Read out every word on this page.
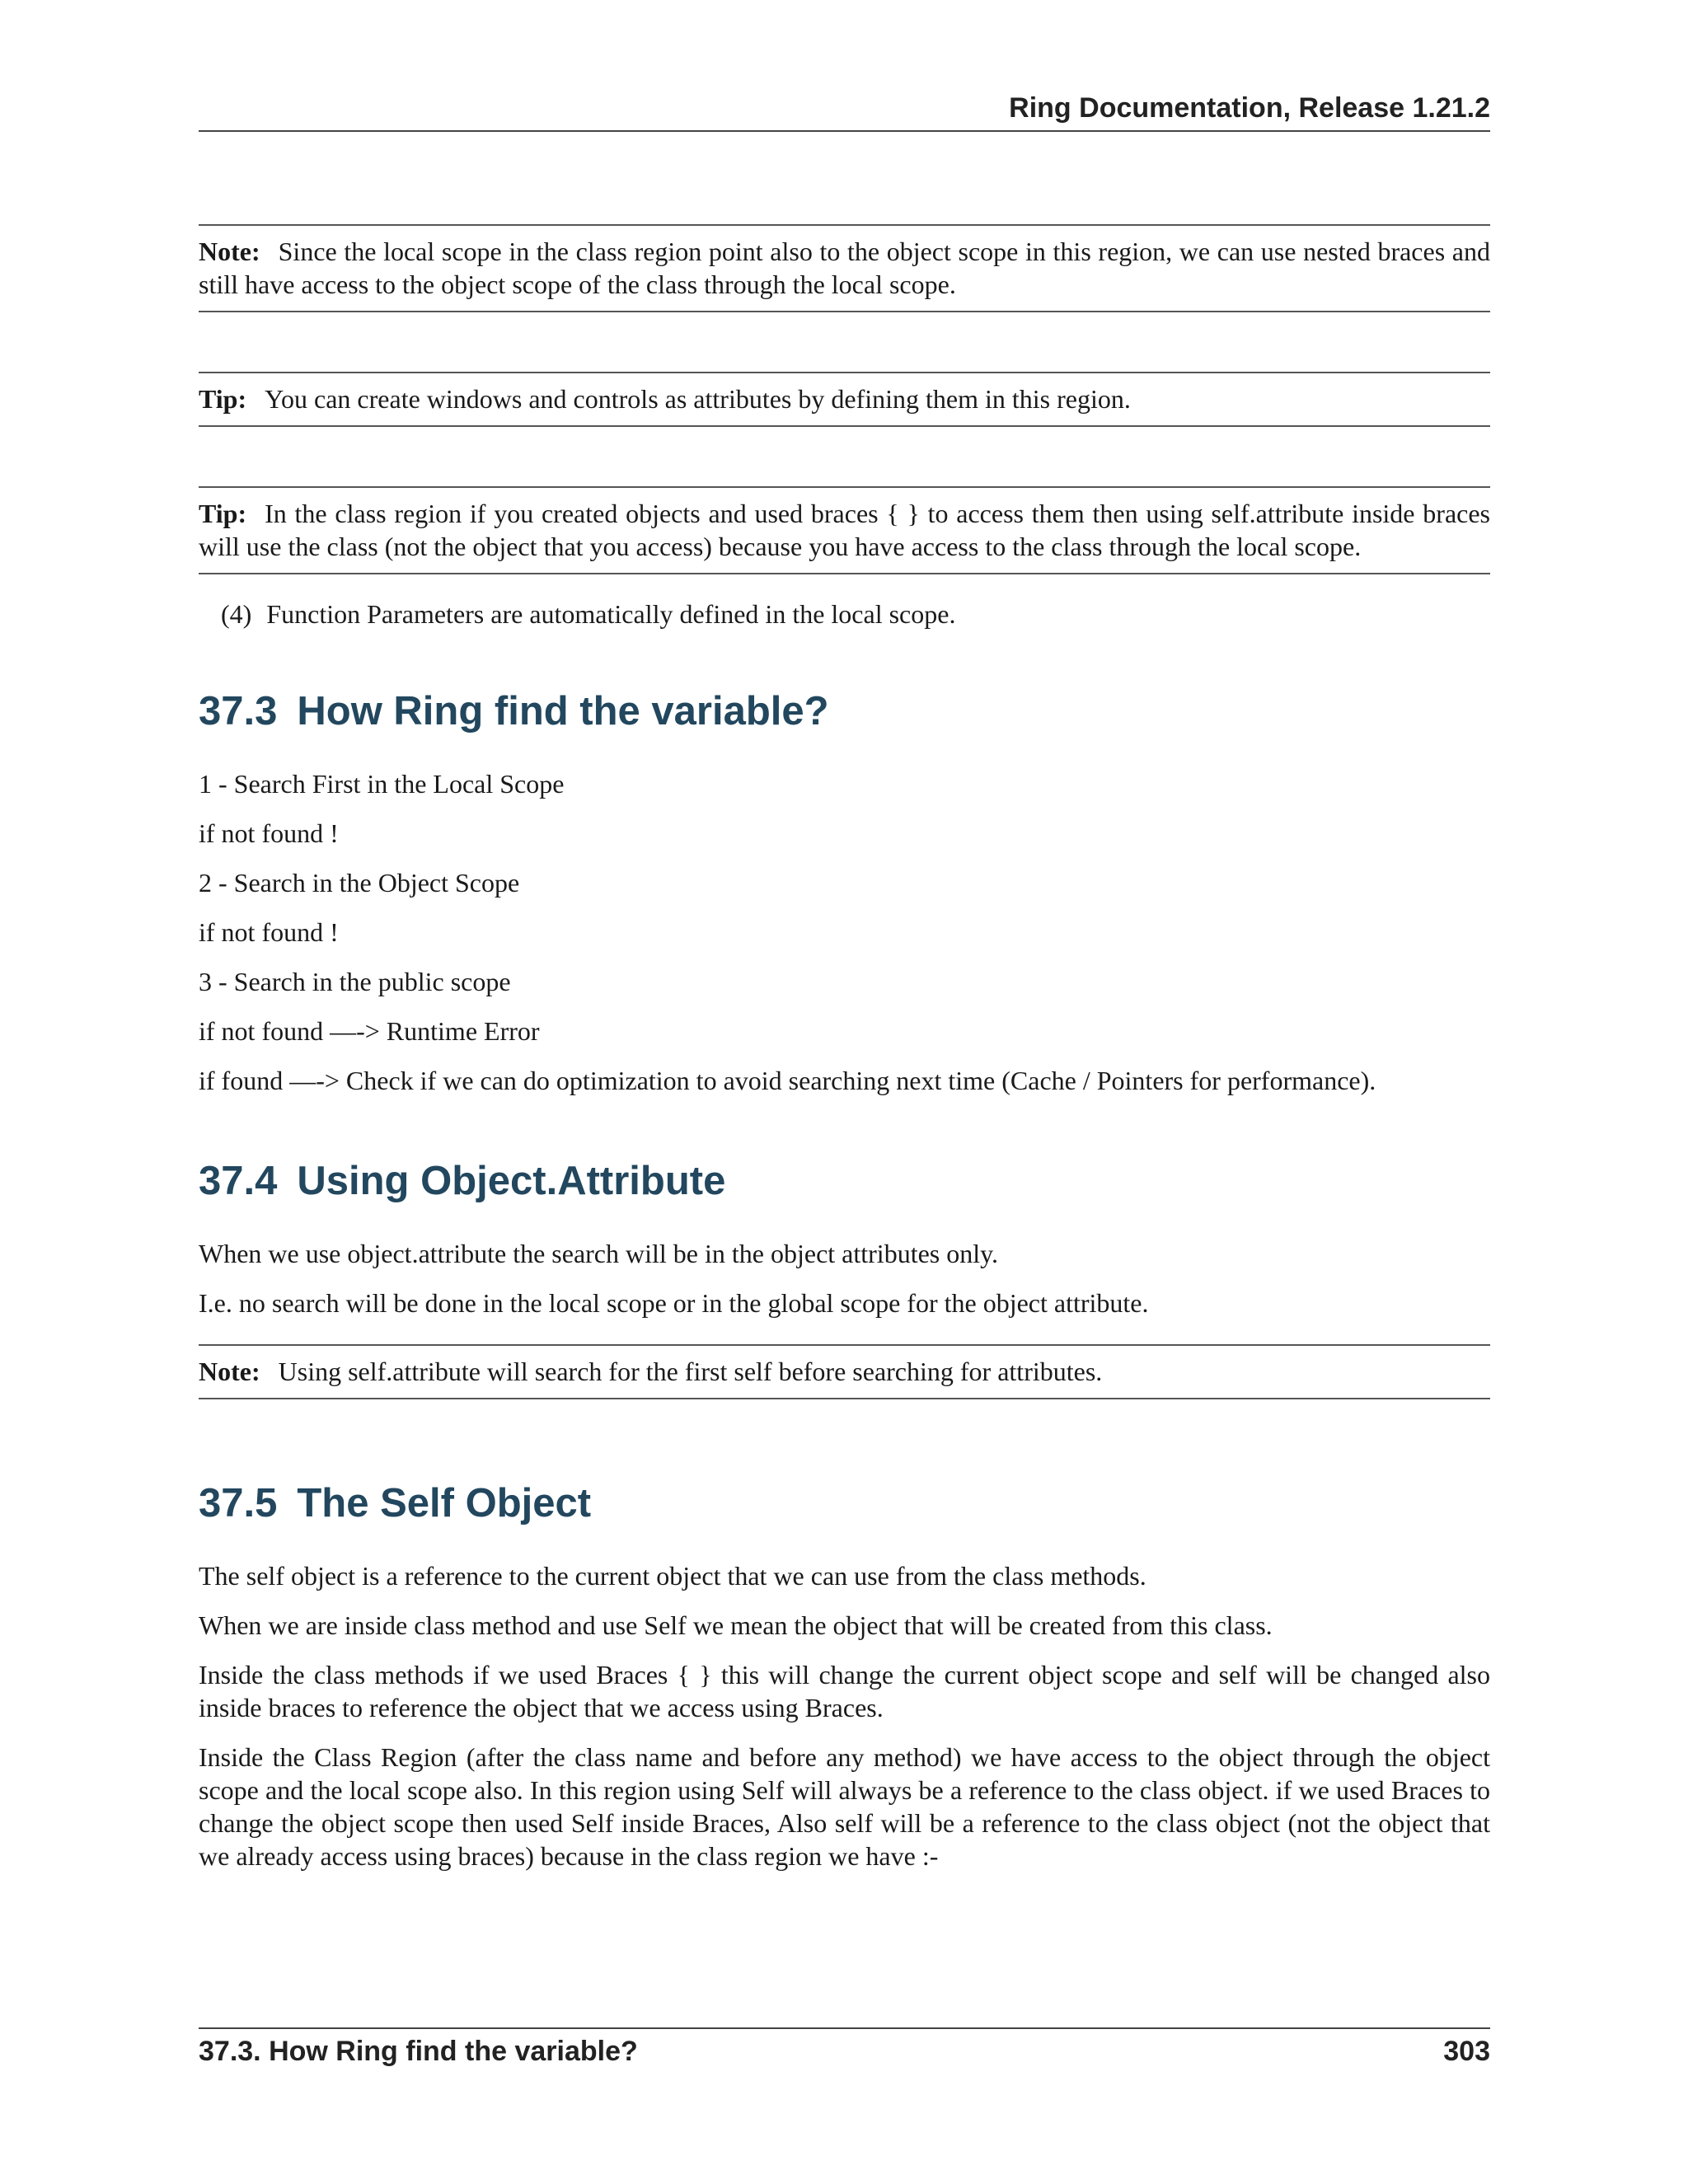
Ring Documentation, Release 1.21.2
Note: Since the local scope in the class region point also to the object scope in this region, we can use nested braces and still have access to the object scope of the class through the local scope.
Tip: You can create windows and controls as attributes by defining them in this region.
Tip: In the class region if you created objects and used braces { } to access them then using self.attribute inside braces will use the class (not the object that you access) because you have access to the class through the local scope.
(4) Function Parameters are automatically defined in the local scope.
37.3 How Ring find the variable?

1 - Search First in the Local Scope

if not found !

2 - Search in the Object Scope

if not found !

3 - Search in the public scope

if not found —-> Runtime Error

if found —-> Check if we can do optimization to avoid searching next time (Cache / Pointers for performance).

37.4 Using Object.Attribute

When we use object.attribute the search will be in the object attributes only.

I.e. no search will be done in the local scope or in the global scope for the object attribute.

Note: Using self.attribute will search for the first self before searching for attributes.
37.5 The Self Object

The self object is a reference to the current object that we can use from the class methods.

When we are inside class method and use Self we mean the object that will be created from this class.

Inside the class methods if we used Braces { } this will change the current object scope and self will be changed also inside braces to reference the object that we access using Braces.

Inside the Class Region (after the class name and before any method) we have access to the object through the object scope and the local scope also. In this region using Self will always be a reference to the class object. if we used Braces to change the object scope then used Self inside Braces, Also self will be a reference to the class object (not the object that we already access using braces) because in the class region we have :-

37.3. How Ring find the variable?	303
